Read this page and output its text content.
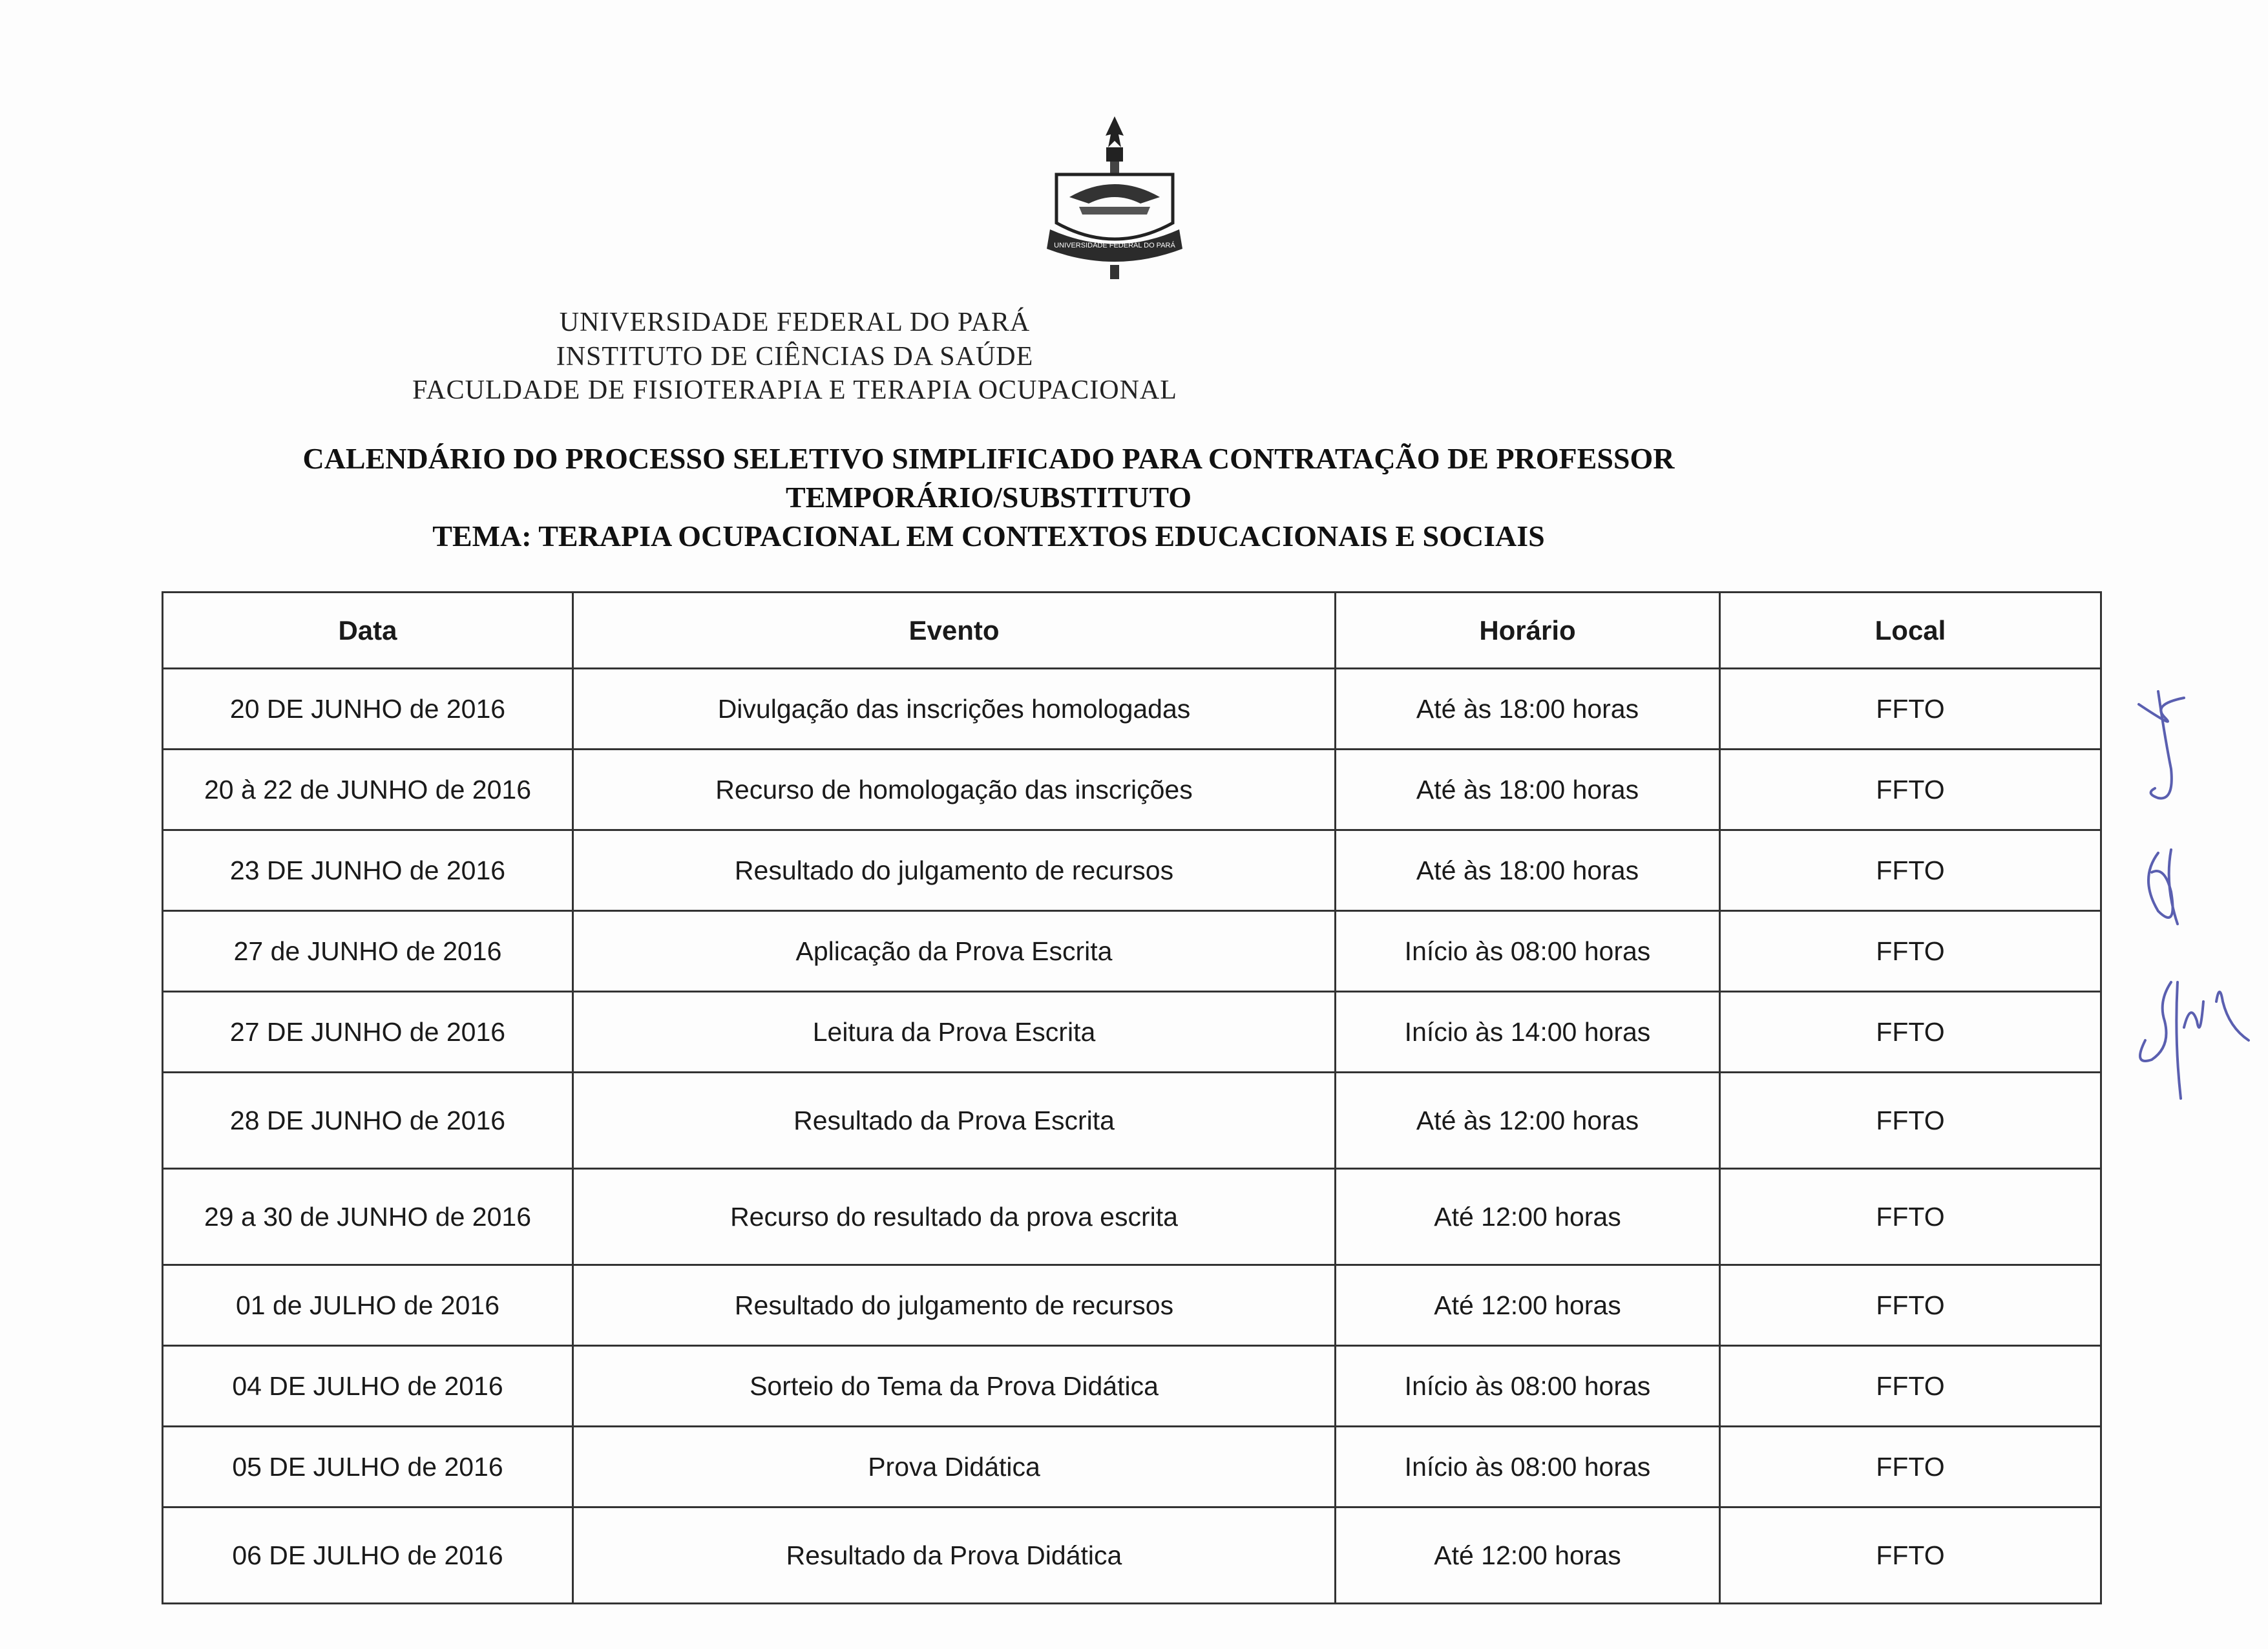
UNIVERSIDADE FEDERAL DO PARÁ
UNIVERSIDADE FEDERAL DO PARÁ
INSTITUTO DE CIÊNCIAS DA SAÚDE
FACULDADE DE FISIOTERAPIA E TERAPIA OCUPACIONAL
CALENDÁRIO DO PROCESSO SELETIVO SIMPLIFICADO PARA CONTRATAÇÃO DE PROFESSOR
TEMPORÁRIO/SUBSTITUTO
TEMA: TERAPIA OCUPACIONAL EM CONTEXTOS EDUCACIONAIS E SOCIAIS
Data	Evento	Horário	Local
20 DE JUNHO de 2016	Divulgação das inscrições homologadas	Até às 18:00 horas	FFTO
20 à 22 de JUNHO de 2016	Recurso de homologação das inscrições	Até às 18:00 horas	FFTO
23 DE JUNHO de 2016	Resultado do julgamento de recursos	Até às 18:00 horas	FFTO
27 de JUNHO de 2016	Aplicação da Prova Escrita	Início às 08:00 horas	FFTO
27 DE JUNHO de 2016	Leitura da Prova Escrita	Início às 14:00 horas	FFTO
28 DE JUNHO de 2016	Resultado da Prova Escrita	Até às 12:00 horas	FFTO
29 a 30 de JUNHO de 2016	Recurso do resultado da prova escrita	Até 12:00 horas	FFTO
01 de JULHO de 2016	Resultado do julgamento de recursos	Até 12:00 horas	FFTO
04 DE JULHO de 2016	Sorteio do Tema da Prova Didática	Início às 08:00 horas	FFTO
05 DE JULHO de 2016	Prova Didática	Início às 08:00 horas	FFTO
06 DE JULHO de 2016	Resultado da Prova Didática	Até 12:00 horas	FFTO
